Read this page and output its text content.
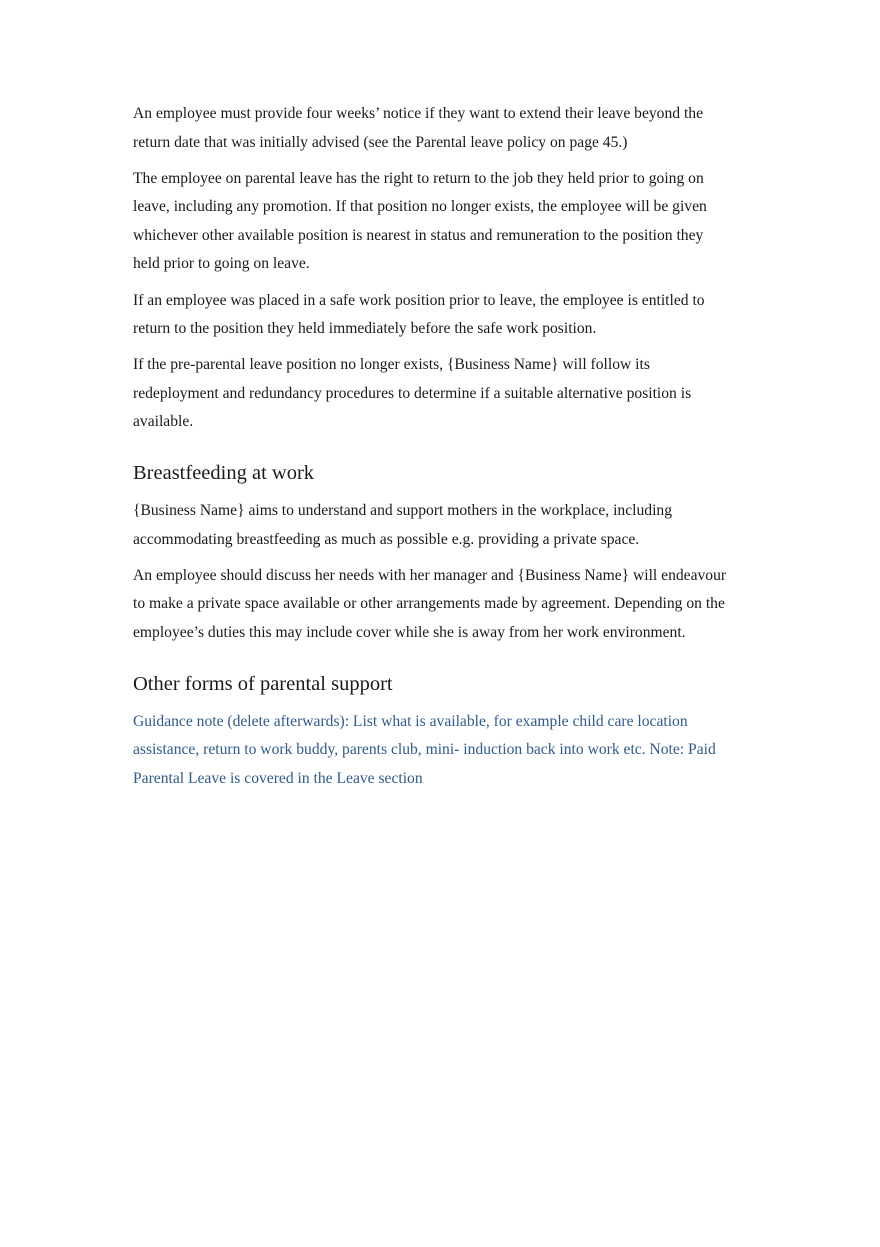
An employee must provide four weeks’ notice if they want to extend their leave beyond the return date that was initially advised (see the Parental leave policy on page 45.)

The employee on parental leave has the right to return to the job they held prior to going on leave, including any promotion. If that position no longer exists, the employee will be given whichever other available position is nearest in status and remuneration to the position they held prior to going on leave.

If an employee was placed in a safe work position prior to leave, the employee is entitled to return to the position they held immediately before the safe work position.

If the pre-parental leave position no longer exists, {Business Name} will follow its redeployment and redundancy procedures to determine if a suitable alternative position is available.

Breastfeeding at work

{Business Name} aims to understand and support mothers in the workplace, including accommodating breastfeeding as much as possible e.g. providing a private space.

An employee should discuss her needs with her manager and {Business Name} will endeavour to make a private space available or other arrangements made by agreement. Depending on the employee’s duties this may include cover while she is away from her work environment.

Other forms of parental support

Guidance note (delete afterwards): List what is available, for example child care location assistance, return to work buddy, parents club, mini- induction back into work etc. Note: Paid Parental Leave is covered in the Leave section
